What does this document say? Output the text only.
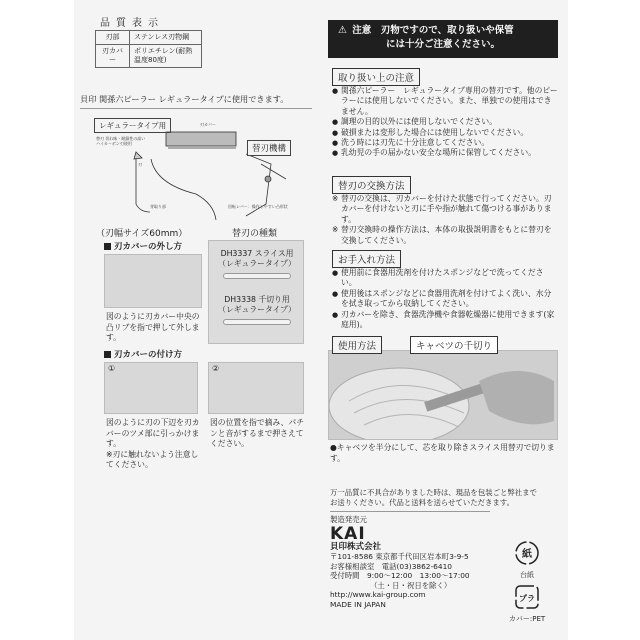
品質表示
刃部	ステンレス刃物鋼
刃カバー	ポリエチレン(耐熱温度80度)
貝印 関孫六ピーラー レギュラータイプに使用できます。
レギュラータイプ用	刃カバー
替刃 切れ味・耐錆性の高いハイカーボン刃使用
刃
芽取り部	回転レバー：操作しやすい凸形状
替刃機構
（刃幅サイズ60mm）	替刃の種類
刃カバーの外し方
図のように刃カバー中央の凸リブを指で押して外します。
DH3337 スライス用
（レギュラータイプ）
DH3338 千切り用
（レギュラータイプ）
刃カバーの付け方
①	②
図のように刃の下辺を刃カバーのツメ部に引っかけます。
※刃に触れないよう注意してください。
図の位置を指で摘み、パチンと音がするまで押さえてください。
⚠ 注意　刃物ですので、取り扱いや保管
には十分ご注意ください。
取り扱い上の注意
● 関孫六ピーラー　レギュラータイプ専用の替刃です。他のピーラーには使用しないでください。また、単独での使用はできません。
● 調理の目的以外には使用しないでください。
● 破損または変形した場合には使用しないでください。
● 洗う時には刃先に十分注意してください。
● 乳幼児の手の届かない安全な場所に保管してください。
替刃の交換方法
※ 替刃の交換は、刃カバーを付けた状態で行ってください。刃カバーを付けないと刃に手や指が触れて傷つける事があります。
※ 替刃交換時の操作方法は、本体の取扱説明書をもとに替刃を交換してください。
お手入れ方法
● 使用前に食器用洗剤を付けたスポンジなどで洗ってください。
● 使用後はスポンジなどに食器用洗剤を付けてよく洗い、水分を拭き取ってから収納してください。
● 刃カバーを除き、食器洗浄機や食器乾燥器に使用できます(家庭用)。
使用方法	キャベツの千切り
●キャベツを半分にして、芯を取り除きスライス用替刃で切ります。
万一品質に不具合がありました時は、現品を包装ごと弊社までお送りください。代品と送料を送らせていただきます。
製造発売元
KAI
貝印株式会社
〒101-8586 東京都千代田区岩本町3-9-5
お客様相談室　電話(03)3862-6410
受付時間　9:00〜12:00　13:00〜17:00
（土・日・祝日を除く）
http://www.kai-group.com
MADE IN JAPAN
紙
台紙
プラ
カバー:PET
